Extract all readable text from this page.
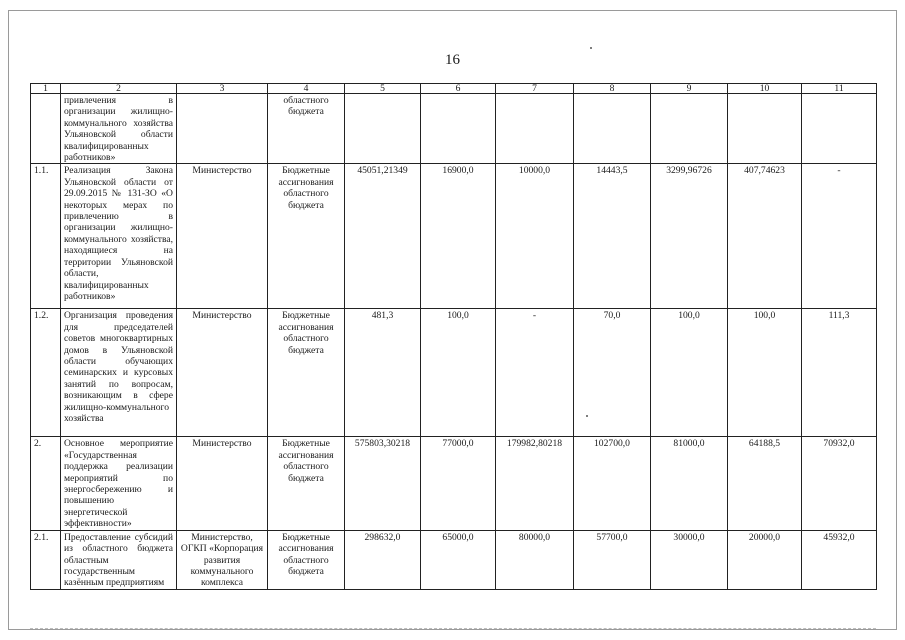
16
1	2	3	4	5	6	7	8	9	10	11
	привлечения в организации жилищно-коммунального хозяйства Ульяновской области квалифицированных работников»		областного бюджета							
1.1.	Реализация Закона Ульяновской области от 29.09.2015 № 131-ЗО «О некоторых мерах по привлечению в организации жилищно-коммунального хозяйства, находящиеся на территории Ульяновской области, квалифицированных работников»	Министерство	Бюджетные ассигнования областного бюджета	45051,21349	16900,0	10000,0	14443,5	3299,96726	407,74623	-
1.2.	Организация проведения для председателей советов многоквартирных домов в Ульяновской области обучающих семинарских и курсовых занятий по вопросам, возникающим в сфере жилищно-коммунального хозяйства	Министерство	Бюджетные ассигнования областного бюджета	481,3	100,0	-	70,0	100,0	100,0	111,3
2.	Основное мероприятие «Государственная поддержка реализации мероприятий по энергосбережению и повышению энергетической эффективности»	Министерство	Бюджетные ассигнования областного бюджета	575803,30218	77000,0	179982,80218	102700,0	81000,0	64188,5	70932,0
2.1.	Предоставление субсидий из областного бюджета областным государственным казённым предприятиям	Министерство, ОГКП «Корпорация развития коммунального комплекса	Бюджетные ассигнования областного бюджета	298632,0	65000,0	80000,0	57700,0	30000,0	20000,0	45932,0
